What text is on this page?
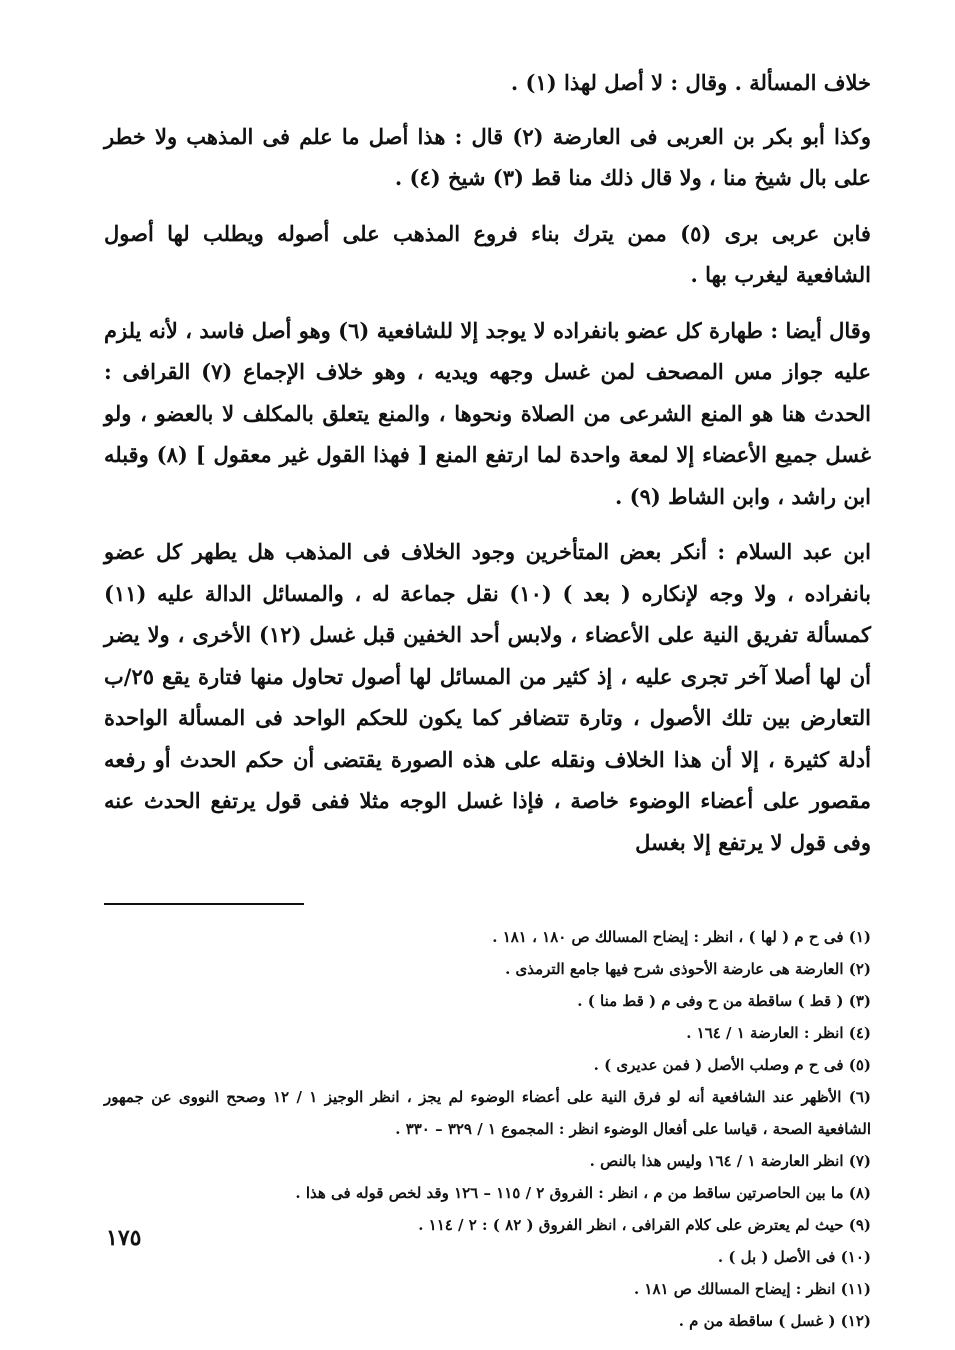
خلاف المسألة . وقال : لا أصل لهذا (١) .

وكذا أبو بكر بن العربى فى العارضة (٢) قال : هذا أصل ما علم فى المذهب ولا خطر على بال شيخ منا ، ولا قال ذلك منا قط (٣) شيخ (٤) .

فابن عربى برى (٥) ممن يترك بناء فروع المذهب على أصوله ويطلب لها أصول الشافعية ليغرب بها .

وقال أيضا : طهارة كل عضو بانفراده لا يوجد إلا للشافعية (٦) وهو أصل فاسد ، لأنه يلزم عليه جواز مس المصحف لمن غسل وجهه ويديه ، وهو خلاف الإجماع (٧) القرافى : الحدث هنا هو المنع الشرعى من الصلاة ونحوها ، والمنع يتعلق بالمكلف لا بالعضو ، ولو غسل جميع الأعضاء إلا لمعة واحدة لما ارتفع المنع [ فهذا القول غير معقول ] (٨) وقبله ابن راشد ، وابن الشاط (٩) .

ابن عبد السلام : أنكر بعض المتأخرين وجود الخلاف فى المذهب هل يطهر كل عضو بانفراده ، ولا وجه لإنكاره ( بعد ) (١٠) نقل جماعة له ، والمسائل الدالة عليه (١١) كمسألة تفريق النية على الأعضاء ، ولابس أحد الخفين قبل غسل (١٢) الأخرى ، ولا يضر أن لها أصلا آخر تجرى عليه ، إذ كثير من المسائل لها أصول تحاول منها فتارة يقع ٢٥/ب التعارض بين تلك الأصول ، وتارة تتضافر كما يكون للحكم الواحد فى المسألة الواحدة أدلة كثيرة ، إلا أن هذا الخلاف ونقله على هذه الصورة يقتضى أن حكم الحدث أو رفعه مقصور على أعضاء الوضوء خاصة ، فإذا غسل الوجه مثلا ففى قول يرتفع الحدث عنه وفى قول لا يرتفع إلا بغسل

(١) فى ح م ( لها ) ، انظر : إيضاح المسالك ص ١٨٠ ، ١٨١ .
(٢) العارضة هى عارضة الأحوذى شرح فيها جامع الترمذى .
(٣) ( قط ) ساقطة من ح وفى م ( قط منا ) .
(٤) انظر : العارضة ١ / ١٦٤ .
(٥) فى ح م وصلب الأصل ( فمن عديرى ) .
(٦) الأظهر عند الشافعية أنه لو فرق النية على أعضاء الوضوء لم يجز ، انظر الوجيز ١ / ١٢ وصحح النووى عن جمهور الشافعية الصحة ، قياسا على أفعال الوضوء انظر : المجموع ١ / ٣٢٩ – ٣٣٠ .
(٧) انظر العارضة ١ / ١٦٤ وليس هذا بالنص .
(٨) ما بين الحاصرتين ساقط من م ، انظر : الفروق ٢ / ١١٥ – ١٢٦ وقد لخص قوله فى هذا .
(٩) حيث لم يعترض على كلام القرافى ، انظر الفروق ( ٨٢ ) : ٢ / ١١٤ .
(١٠) فى الأصل ( بل ) .
(١١) انظر : إيضاح المسالك ص ١٨١ .
(١٢) ( غسل ) ساقطة من م .
١٧٥
